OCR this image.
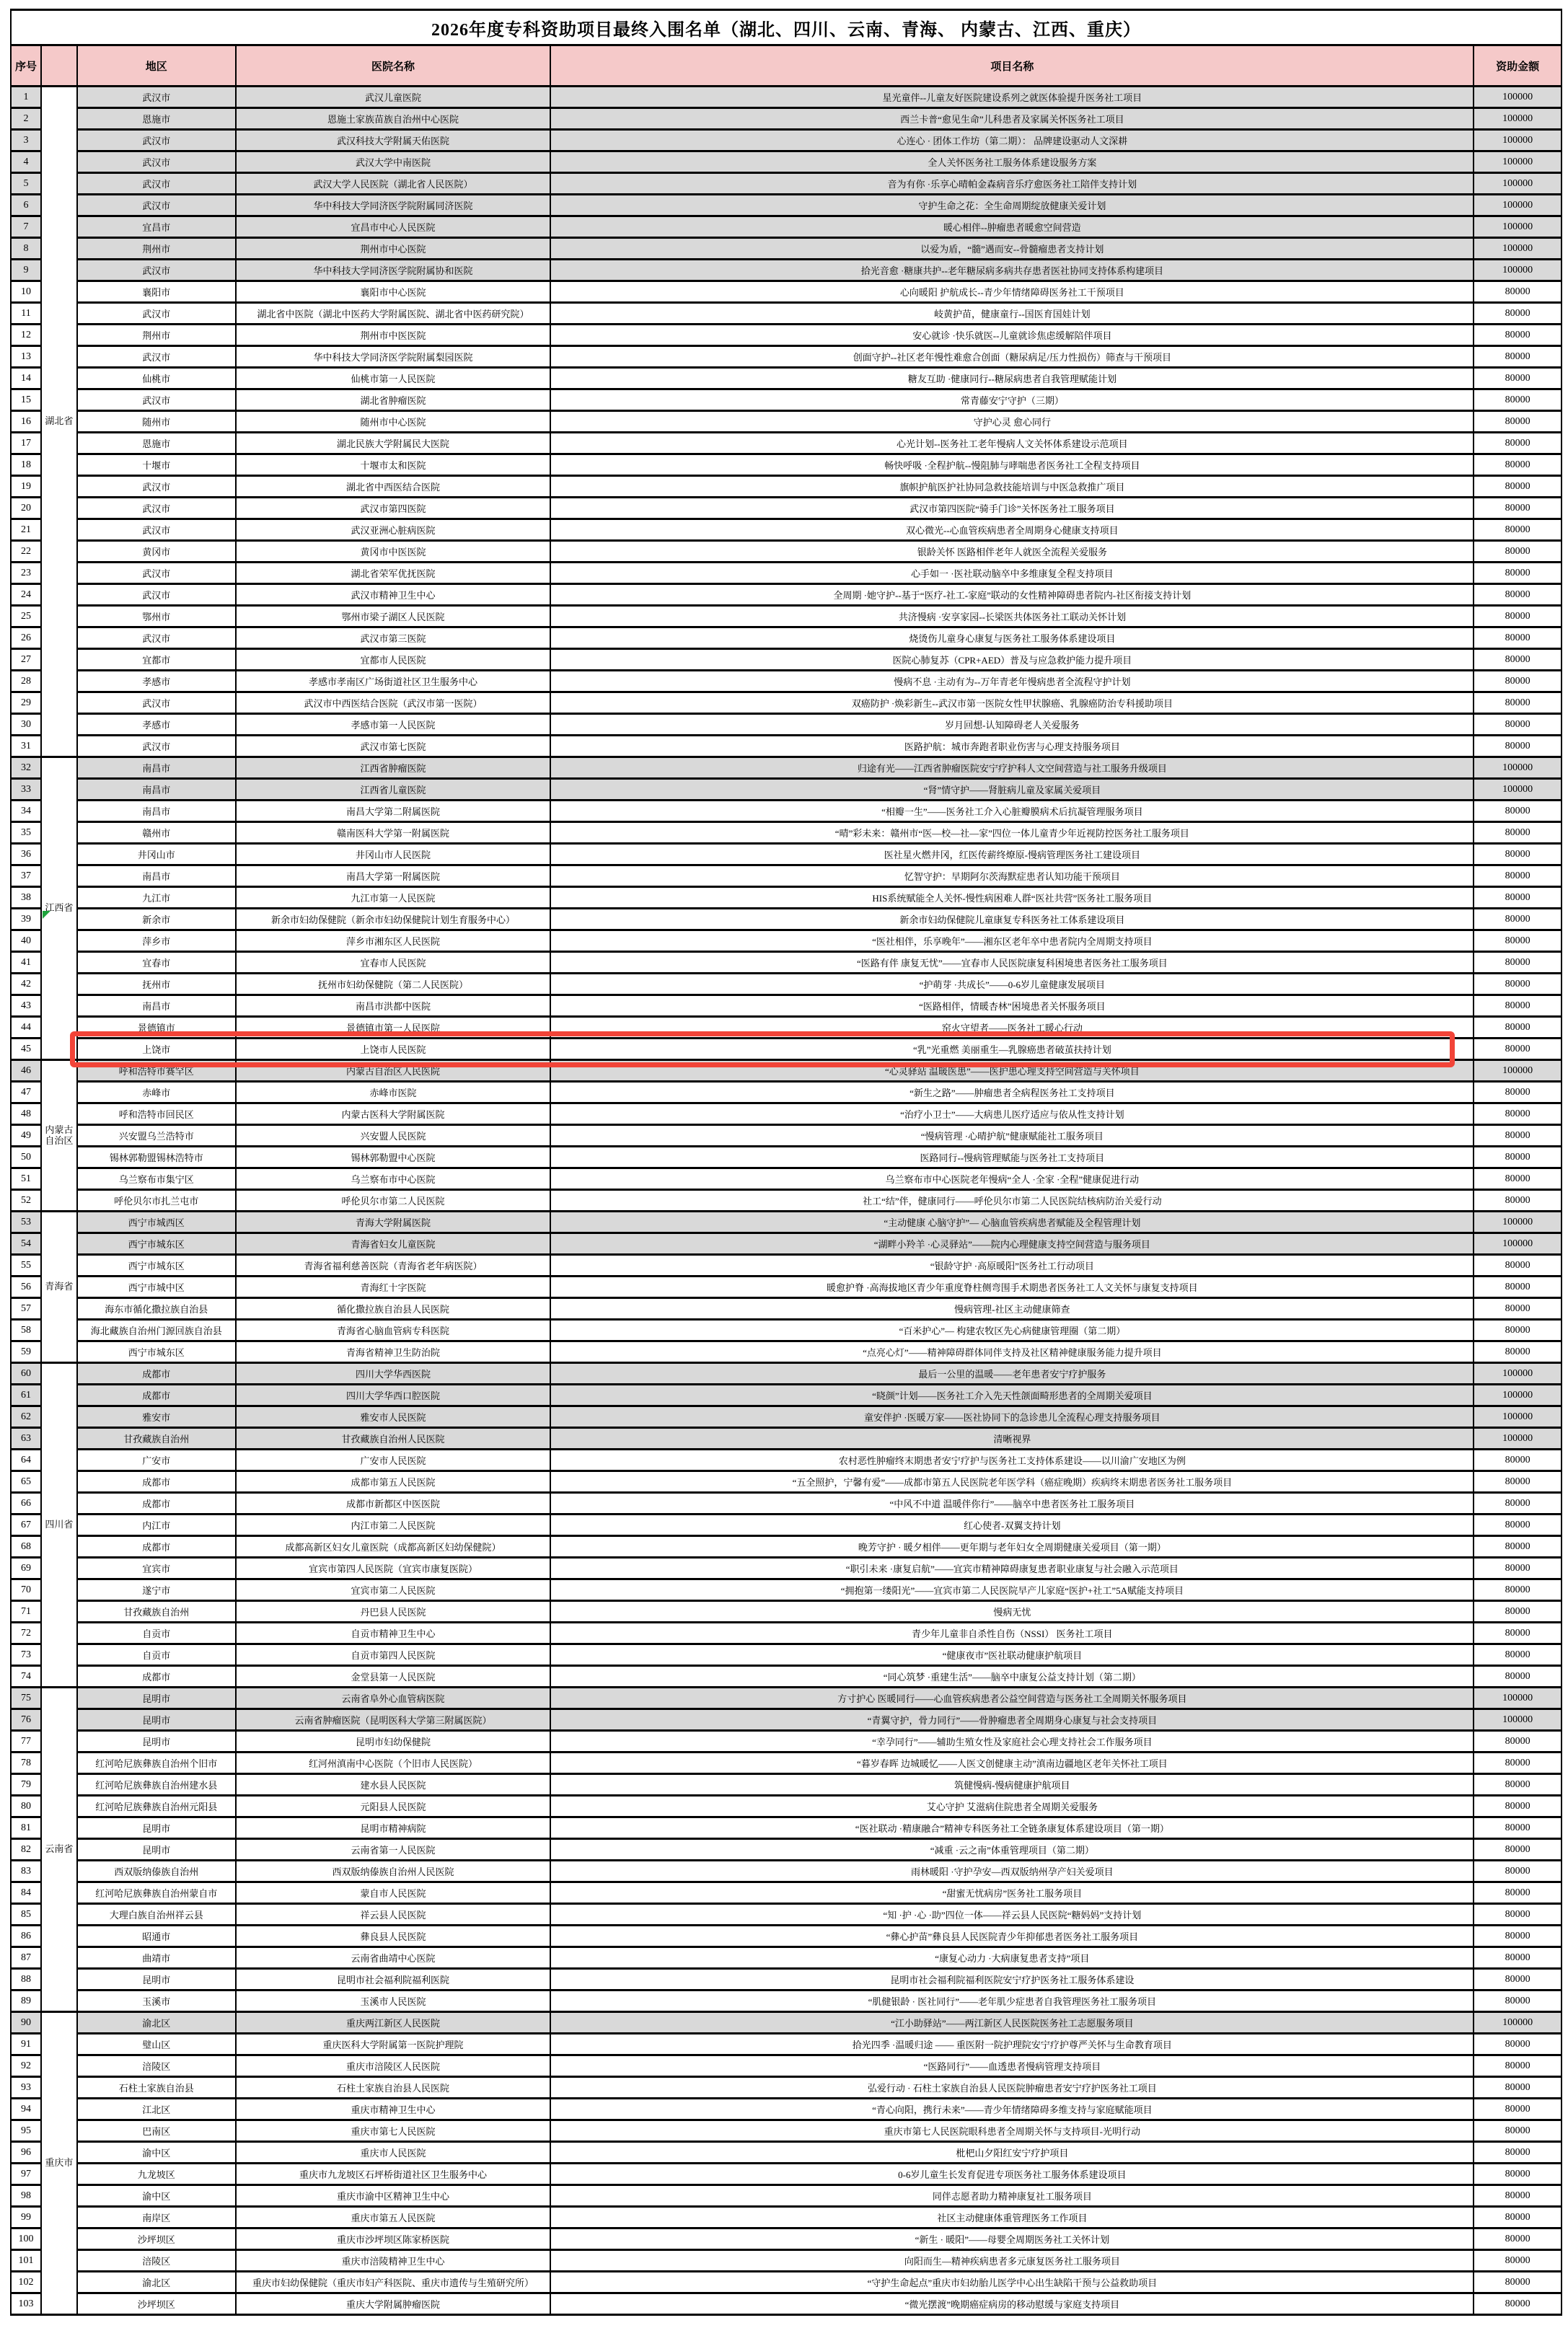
2026年度专科资助项目最终入围名单（湖北、四川、云南、青海、 内蒙古、江西、重庆）					
序号		地区	医院名称	项目名称	资助金额
1	湖北省	武汉市	武汉儿童医院	星光童伴--儿童友好医院建设系列之就医体验提升医务社工项目	100000
2		恩施市	恩施土家族苗族自治州中心医院	西兰卡普“愈见生命”儿科患者及家属关怀医务社工项目	100000
3		武汉市	武汉科技大学附属天佑医院	心连心 · 团体工作坊（第二期）： 品牌建设驱动人文深耕	100000
4		武汉市	武汉大学中南医院	全人关怀医务社工服务体系建设服务方案	100000
5		武汉市	武汉大学人民医院（湖北省人民医院）	音为有你 ·乐享心晴帕金森病音乐疗愈医务社工陪伴支持计划	100000
6		武汉市	华中科技大学同济医学院附属同济医院	守护生命之花：全生命周期绽放健康关爱计划	100000
7		宜昌市	宜昌市中心人民医院	暖心相伴--肿瘤患者暖愈空间营造	100000
8		荆州市	荆州市中心医院	以爱为盾，“髓”遇而安--骨髓瘤患者支持计划	100000
9		武汉市	华中科技大学同济医学院附属协和医院	拾光音愈 ·糖康共护--老年糖尿病多病共存患者医社协同支持体系构建项目	100000
10		襄阳市	襄阳市中心医院	心向暖阳 护航成长--青少年情绪障碍医务社工干预项目	80000
11		武汉市	湖北省中医院（湖北中医药大学附属医院、湖北省中医药研究院）	岐黄护苗，健康童行--国医育国娃计划	80000
12		荆州市	荆州市中医医院	安心就诊 ·快乐就医--儿童就诊焦虑缓解陪伴项目	80000
13		武汉市	华中科技大学同济医学院附属梨园医院	创面守护--社区老年慢性难愈合创面（糖尿病足/压力性损伤）筛查与干预项目	80000
14		仙桃市	仙桃市第一人民医院	糖友互助 ·健康同行--糖尿病患者自我管理赋能计划	80000
15		武汉市	湖北省肿瘤医院	常青藤安宁守护（三期）	80000
16		随州市	随州市中心医院	守护心灵 愈心同行	80000
17		恩施市	湖北民族大学附属民大医院	心光计划--医务社工老年慢病人文关怀体系建设示范项目	80000
18		十堰市	十堰市太和医院	畅快呼吸 ·全程护航--慢阻肺与哮喘患者医务社工全程支持项目	80000
19		武汉市	湖北省中西医结合医院	旗帜护航医护社协同急救技能培训与中医急救推广项目	80000
20		武汉市	武汉市第四医院	武汉市第四医院“骑手门诊”关怀医务社工服务项目	80000
21		武汉市	武汉亚洲心脏病医院	双心微光--心血管疾病患者全周期身心健康支持项目	80000
22		黄冈市	黄冈市中医医院	银龄关怀 医路相伴老年人就医全流程关爱服务	80000
23		武汉市	湖北省荣军优抚医院	心手如一 ·医社联动脑卒中多维康复全程支持项目	80000
24		武汉市	武汉市精神卫生中心	全周期 ·她守护--基于“医疗-社工-家庭”联动的女性精神障碍患者院内-社区衔接支持计划	80000
25		鄂州市	鄂州市梁子湖区人民医院	共济慢病 ·安享家园--长梁医共体医务社工联动关怀计划	80000
26		武汉市	武汉市第三医院	烧烫伤儿童身心康复与医务社工服务体系建设项目	80000
27		宜都市	宜都市人民医院	医院心肺复苏（CPR+AED）普及与应急救护能力提升项目	80000
28		孝感市	孝感市孝南区广场街道社区卫生服务中心	慢病不息 ·主动有为--万年青老年慢病患者全流程守护计划	80000
29		武汉市	武汉市中西医结合医院（武汉市第一医院）	双癌防护 ·焕彩新生--武汉市第一医院女性甲状腺癌、乳腺癌防治专科援助项目	80000
30		孝感市	孝感市第一人民医院	岁月回想-认知障碍老人关爱服务	80000
31		武汉市	武汉市第七医院	医路护航：城市奔跑者职业伤害与心理支持服务项目	80000
32	江西省	南昌市	江西省肿瘤医院	归途有光——江西省肿瘤医院安宁疗护科人文空间营造与社工服务升级项目	100000
33		南昌市	江西省儿童医院	“肾”情守护——肾脏病儿童及家属关爱项目	100000
34		南昌市	南昌大学第二附属医院	“相瓣一生”——医务社工介入心脏瓣膜病术后抗凝管理服务项目	80000
35		赣州市	赣南医科大学第一附属医院	“晴”彩未来：赣州市“医—校—社—家”四位一体儿童青少年近视防控医务社工服务项目	80000
36		井冈山市	井冈山市人民医院	医社星火燃井冈，红医传薪终燎原-慢病管理医务社工建设项目	80000
37		南昌市	南昌大学第一附属医院	忆智守护：早期阿尔茨海默症患者认知功能干预项目	80000
38		九江市	九江市第一人民医院	HIS系统赋能全人关怀-慢性病困难人群“医社共营”医务社工服务项目	80000
39		新余市	新余市妇幼保健院（新余市妇幼保健院计划生育服务中心）	新余市妇幼保健院儿童康复专科医务社工体系建设项目	80000
40		萍乡市	萍乡市湘东区人民医院	“医社相伴，乐享晚年”——湘东区老年卒中患者院内全周期支持项目	80000
41		宜春市	宜春市人民医院	“医路有伴 康复无忧”——宜春市人民医院康复科困境患者医务社工服务项目	80000
42		抚州市	抚州市妇幼保健院（第二人民医院）	“护萌芽 ·共成长”——0-6岁儿童健康发展项目	80000
43		南昌市	南昌市洪都中医院	“医路相伴，情暖杏林”困境患者关怀服务项目	80000
44		景德镇市	景德镇市第一人民医院	窑火守望者——医务社工暖心行动	80000
45		上饶市	上饶市人民医院	“乳”光重燃 美丽重生—乳腺癌患者破茧扶持计划	80000
46	内蒙古自治区	呼和浩特市赛罕区	内蒙古自治区人民医院	“心灵驿站 温暖医患”——医护患心理支持空间营造与关怀项目	100000
47		赤峰市	赤峰市医院	“新生之路”——肿瘤患者全病程医务社工支持项目	80000
48		呼和浩特市回民区	内蒙古医科大学附属医院	“治疗小卫士”——大病患儿医疗适应与依从性支持计划	80000
49		兴安盟乌兰浩特市	兴安盟人民医院	“慢病管理 ·心晴护航”健康赋能社工服务项目	80000
50		锡林郭勒盟锡林浩特市	锡林郭勒盟中心医院	医路同行--慢病管理赋能与医务社工支持项目	80000
51		乌兰察布市集宁区	乌兰察布市中心医院	乌兰察布市中心医院老年慢病“全人 ·全家 ·全程”健康促进行动	80000
52		呼伦贝尔市扎兰屯市	呼伦贝尔市第二人民医院	社工“结”伴，健康同行——呼伦贝尔市第二人民医院结核病防治关爱行动	80000
53	青海省	西宁市城西区	青海大学附属医院	“主动健康 心脑守护”— 心脑血管疾病患者赋能及全程管理计划	100000
54		西宁市城东区	青海省妇女儿童医院	“湖畔小羚羊 ·心灵驿站”——院内心理健康支持空间营造与服务项目	100000
55		西宁市城东区	青海省福利慈善医院（青海省老年病医院）	“银龄守护 ·高原暖阳”医务社工行动项目	80000
56		西宁市城中区	青海红十字医院	暖愈护脊 ·高海拔地区青少年重度脊柱侧弯围手术期患者医务社工人文关怀与康复支持项目	80000
57		海东市循化撒拉族自治县	循化撒拉族自治县人民医院	慢病管理-社区主动健康筛查	80000
58		海北藏族自治州门源回族自治县	青海省心脑血管病专科医院	“百米护心”— 构建农牧区先心病健康管理圈（第二期）	80000
59		西宁市城东区	青海省精神卫生防治院	“点亮心灯”——精神障碍群体同伴支持及社区精神健康服务能力提升项目	80000
60	四川省	成都市	四川大学华西医院	最后一公里的温暖——老年患者安宁疗护服务	100000
61		成都市	四川大学华西口腔医院	“晓颜”计划——医务社工介入先天性颌面畸形患者的全周期关爱项目	100000
62		雅安市	雅安市人民医院	童安伴护 ·医暖万家——医社协同下的急诊患儿全流程心理支持服务项目	100000
63		甘孜藏族自治州	甘孜藏族自治州人民医院	清晰视界	100000
64		广安市	广安市人民医院	农村恶性肿瘤终末期患者安宁疗护与医务社工支持体系建设——以川渝广安地区为例	80000
65		成都市	成都市第五人民医院	“五全照护，宁馨有爱”——成都市第五人民医院老年医学科（癌症晚期）疾病终末期患者医务社工服务项目	80000
66		成都市	成都市新都区中医医院	“中风不中道 温暖伴你行”——脑卒中患者医务社工服务项目	80000
67		内江市	内江市第二人民医院	红心使者-双翼支持计划	80000
68		成都市	成都高新区妇女儿童医院（成都高新区妇幼保健院）	晚芳守护 · 暖夕相伴——更年期与老年妇女全周期健康关爱项目（第一期）	80000
69		宜宾市	宜宾市第四人民医院（宜宾市康复医院）	“职引未来 ·康复启航”——宜宾市精神障碍康复患者职业康复与社会融入示范项目	80000
70		遂宁市	宜宾市第二人民医院	“拥抱第一缕阳光”——宜宾市第二人民医院早产儿家庭“医护+社工”5A赋能支持项目	80000
71		甘孜藏族自治州	丹巴县人民医院	慢病无忧	80000
72		自贡市	自贡市精神卫生中心	青少年儿童非自杀性自伤（NSSI） 医务社工项目	80000
73		自贡市	自贡市第四人民医院	“健康夜市”医社联动健康护航项目	80000
74		成都市	金堂县第一人民医院	“同心筑梦 ·重建生活”——脑卒中康复公益支持计划（第二期）	80000
75	云南省	昆明市	云南省阜外心血管病医院	方寸护心 医暖同行——心血管疾病患者公益空间营造与医务社工全周期关怀服务项目	100000
76		昆明市	云南省肿瘤医院（昆明医科大学第三附属医院）	“青翼守护，骨力同行”——骨肿瘤患者全周期身心康复与社会支持项目	100000
77		昆明市	昆明市妇幼保健院	“幸孕同行”——辅助生殖女性及家庭社会心理支持社会工作服务项目	80000
78		红河哈尼族彝族自治州个旧市	红河州滇南中心医院（个旧市人民医院）	“暮岁春晖 边城暖忆——人医文创健康主动”滇南边疆地区老年关怀社工项目	80000
79		红河哈尼族彝族自治州建水县	建水县人民医院	筑健慢病-慢病健康护航项目	80000
80		红河哈尼族彝族自治州元阳县	元阳县人民医院	艾心守护 艾滋病住院患者全周期关爱服务	80000
81		昆明市	昆明市精神病院	“医社联动 ·精康融合”精神专科医务社工全链条康复体系建设项目（第一期）	80000
82		昆明市	云南省第一人民医院	“减重 ·云之南”体重管理项目（第二期）	80000
83		西双版纳傣族自治州	西双版纳傣族自治州人民医院	雨林暖阳 ·守护孕安—西双版纳州孕产妇关爱项目	80000
84		红河哈尼族彝族自治州蒙自市	蒙自市人民医院	“甜蜜无忧病房”医务社工服务项目	80000
85		大理白族自治州祥云县	祥云县人民医院	“知 ·护 ·心 ·助”四位一体——祥云县人民医院“糖妈妈”支持计划	80000
86		昭通市	彝良县人民医院	“彝心护苗”彝良县人民医院青少年抑郁患者医务社工服务项目	80000
87		曲靖市	云南省曲靖中心医院	“康复心动力 ·大病康复患者支持”项目	80000
88		昆明市	昆明市社会福利院福利医院	昆明市社会福利院福利医院安宁疗护医务社工服务体系建设	80000
89		玉溪市	玉溪市人民医院	“肌健银龄 · 医社同行”——老年肌少症患者自我管理医务社工服务项目	80000
90	重庆市	渝北区	重庆两江新区人民医院	“江小助驿站”——两江新区人民医院医务社工志愿服务项目	100000
91		璧山区	重庆医科大学附属第一医院护理院	拾光四季 ·温暖归途 —— 重医附一院护理院安宁疗护尊严关怀与生命教育项目	80000
92		涪陵区	重庆市涪陵区人民医院	“医路同行”——血透患者慢病管理支持项目	80000
93		石柱土家族自治县	石柱土家族自治县人民医院	弘爱行动 · 石柱土家族自治县人民医院肿瘤患者安宁疗护医务社工项目	80000
94		江北区	重庆市精神卫生中心	“青心向阳，携行未来”——青少年情绪障碍多维支持与家庭赋能项目	80000
95		巴南区	重庆市第七人民医院	重庆市第七人民医院眼科患者全周期关怀与支持项目-光明行动	80000
96		渝中区	重庆市人民医院	枇杷山夕阳红安宁疗护项目	80000
97		九龙坡区	重庆市九龙坡区石坪桥街道社区卫生服务中心	0-6岁儿童生长发育促进专项医务社工服务体系建设项目	80000
98		渝中区	重庆市渝中区精神卫生中心	同伴志愿者助力精神康复社工服务项目	80000
99		南岸区	重庆市第五人民医院	社区主动健康体重管理医务工作项目	80000
100		沙坪坝区	重庆市沙坪坝区陈家桥医院	“新生 · 暖阳”——母婴全周期医务社工关怀计划	80000
101		涪陵区	重庆市涪陵精神卫生中心	向阳而生—精神疾病患者多元康复医务社工服务项目	80000
102		渝北区	重庆市妇幼保健院（重庆市妇产科医院、重庆市遗传与生殖研究所）	“守护生命起点”重庆市妇幼胎儿医学中心出生缺陷干预与公益救助项目	80000
103		沙坪坝区	重庆大学附属肿瘤医院	“微光摆渡”晚期癌症病房的移动慰缓与家庭支持项目	80000
